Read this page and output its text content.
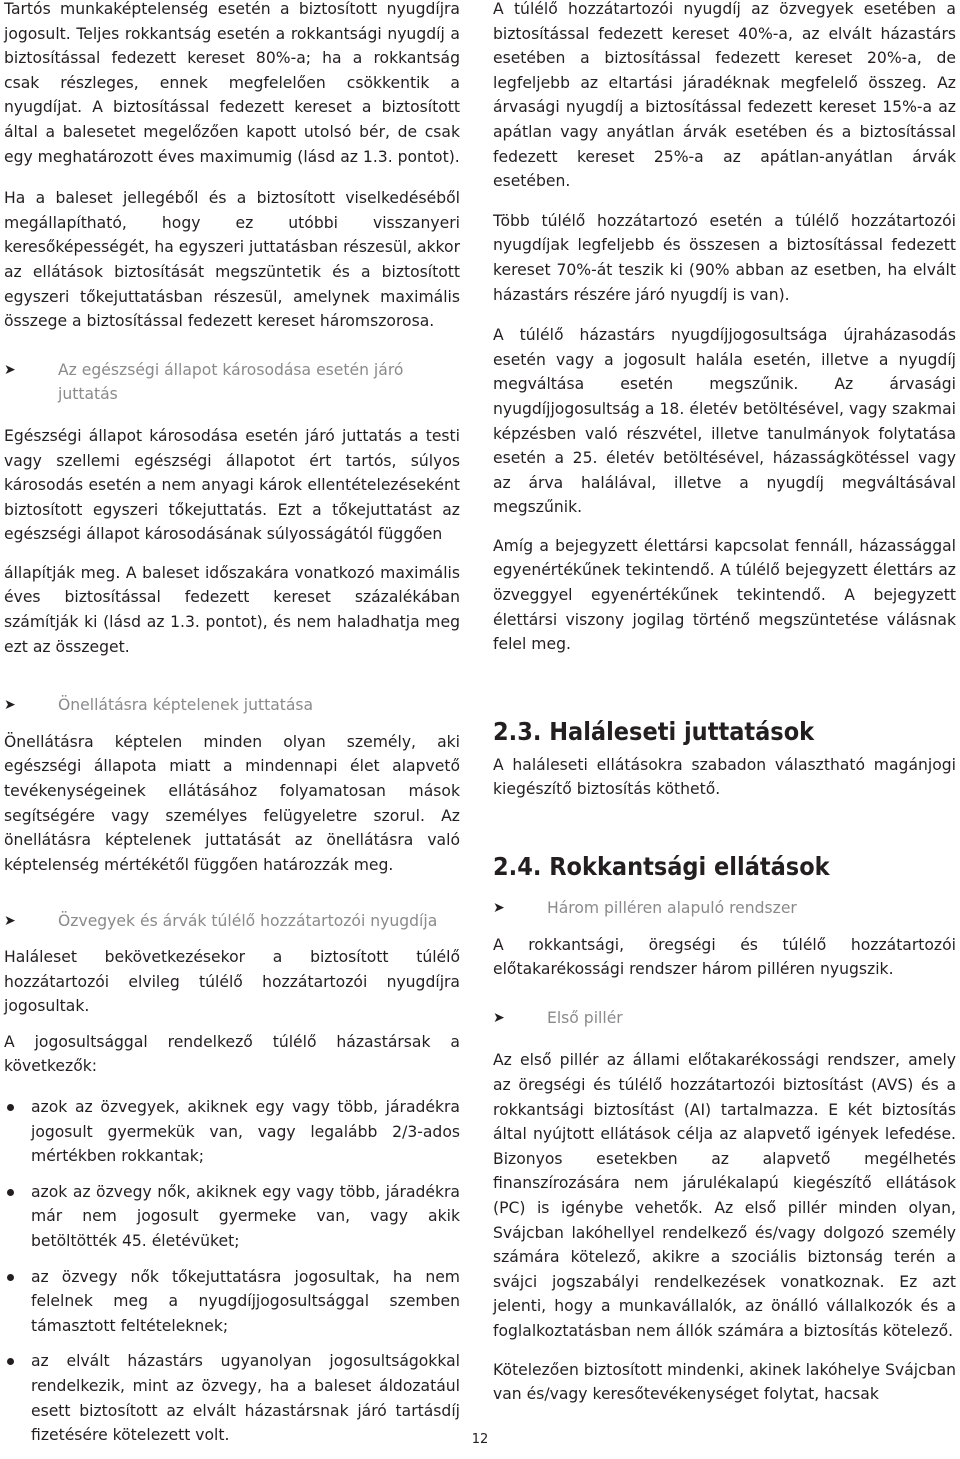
Tartós munkaképtelenség esetén a biztosított nyugdíjra jogosult. Teljes rokkantság esetén a rokkantsági nyugdíj a biztosítással fedezett kereset 80%-a; ha a rokkantság csak részleges, ennek megfelelően csökkentik a nyugdíjat. A biztosítással fedezett kereset a biztosított által a balesetet megelőzően kapott utolsó bér, de csak egy meghatározott éves maximumig (lásd az 1.3. pontot).

Ha a baleset jellegéből és a biztosított viselkedéséből megállapítható, hogy ez utóbbi visszanyeri keresőképességét, ha egyszeri juttatásban részesül, akkor az ellátások biztosítását megszüntetik és a biztosított egyszeri tőkejuttatásban részesül, amelynek maximális összege a biztosítással fedezett kereset háromszorosa.

➤	Az egészségi állapot károsodása esetén járó juttatás

Egészségi állapot károsodása esetén járó juttatás a testi vagy szellemi egészségi állapotot ért tartós, súlyos károsodás esetén a nem anyagi károk ellentételezéseként biztosított egyszeri tőkejuttatás. Ezt a tőkejuttatást az egészségi állapot károsodásának súlyosságától függően

állapítják meg. A baleset időszakára vonatkozó maximális éves biztosítással fedezett kereset százalékában számítják ki (lásd az 1.3. pontot), és nem haladhatja meg ezt az összeget.

➤	Önellátásra képtelenek juttatása

Önellátásra képtelen minden olyan személy, aki egészségi állapota miatt a mindennapi élet alapvető tevékenységeinek ellátásához folyamatosan mások segítségére vagy személyes felügyeletre szorul. Az önellátásra képtelenek juttatását az önellátásra való képtelenség mértékétől függően határozzák meg.

➤	Özvegyek és árvák túlélő hozzátartozói nyugdíja

Haláleset bekövetkezésekor a biztosított túlélő hozzátartozói elvileg túlélő hozzátartozói nyugdíjra jogosultak.

A jogosultsággal rendelkező túlélő házastársak a következők:

azok az özvegyek, akiknek egy vagy több, járadékra jogosult gyermekük van, vagy legalább 2/3-ados mértékben rokkantak;
azok az özvegy nők, akiknek egy vagy több, járadékra már nem jogosult gyermeke van, vagy akik betöltötték 45. életévüket;
az özvegy nők tőkejuttatásra jogosultak, ha nem felelnek meg a nyugdíjjogosultsággal szemben támasztott feltételeknek;
az elvált házastárs ugyanolyan jogosultságokkal rendelkezik, mint az özvegy, ha a baleset áldozatául esett biztosított az elvált házastársnak járó tartásdíj fizetésére kötelezett volt.

A túlélő hozzátartozói nyugdíj az özvegyek esetében a biztosítással fedezett kereset 40%-a, az elvált házastárs esetében a biztosítással fedezett kereset 20%-a, de legfeljebb az eltartási járadéknak megfelelő összeg. Az árvasági nyugdíj a biztosítással fedezett kereset 15%-a az apátlan vagy anyátlan árvák esetében és a biztosítással fedezett kereset 25%-a az apátlan-anyátlan árvák esetében.

Több túlélő hozzátartozó esetén a túlélő hozzátartozói nyugdíjak legfeljebb és összesen a biztosítással fedezett kereset 70%-át teszik ki (90% abban az esetben, ha elvált házastárs részére járó nyugdíj is van).

A túlélő házastárs nyugdíjjogosultsága újraházasodás esetén vagy a jogosult halála esetén, illetve a nyugdíj megváltása esetén megszűnik. Az árvasági nyugdíjjogosultság a 18. életév betöltésével, vagy szakmai képzésben való részvétel, illetve tanulmányok folytatása esetén a 25. életév betöltésével, házasságkötéssel vagy az árva halálával, illetve a nyugdíj megváltásával megszűnik.

Amíg a bejegyzett élettársi kapcsolat fennáll, házassággal egyenértékűnek tekintendő. A túlélő bejegyzett élettárs az özveggyel egyenértékűnek tekintendő. A bejegyzett élettársi viszony jogilag történő megszüntetése válásnak felel meg.

2.3. Haláleseti juttatások

A haláleseti ellátásokra szabadon választható magánjogi kiegészítő biztosítás köthető.

2.4. Rokkantsági ellátások
➤	Három pilléren alapuló rendszer

A rokkantsági, öregségi és túlélő hozzátartozói előtakarékossági rendszer három pilléren nyugszik.

➤	Első pillér

Az első pillér az állami előtakarékossági rendszer, amely az öregségi és túlélő hozzátartozói biztosítást (AVS) és a rokkantsági biztosítást (AI) tartalmazza. E két biztosítás által nyújtott ellátások célja az alapvető igények lefedése. Bizonyos esetekben az alapvető megélhetés finanszírozására nem járulékalapú kiegészítő ellátások (PC) is igénybe vehetők. Az első pillér minden olyan, Svájcban lakóhellyel rendelkező és/vagy dolgozó személy számára kötelező, akikre a szociális biztonság terén a svájci jogszabályi rendelkezések vonatkoznak. Ez azt jelenti, hogy a munkavállalók, az önálló vállalkozók és a foglalkoztatásban nem állók számára a biztosítás kötelező.

Kötelezően biztosított mindenki, akinek lakóhelye Svájcban van és/vagy keresőtevékenységet folytat, hacsak

12
